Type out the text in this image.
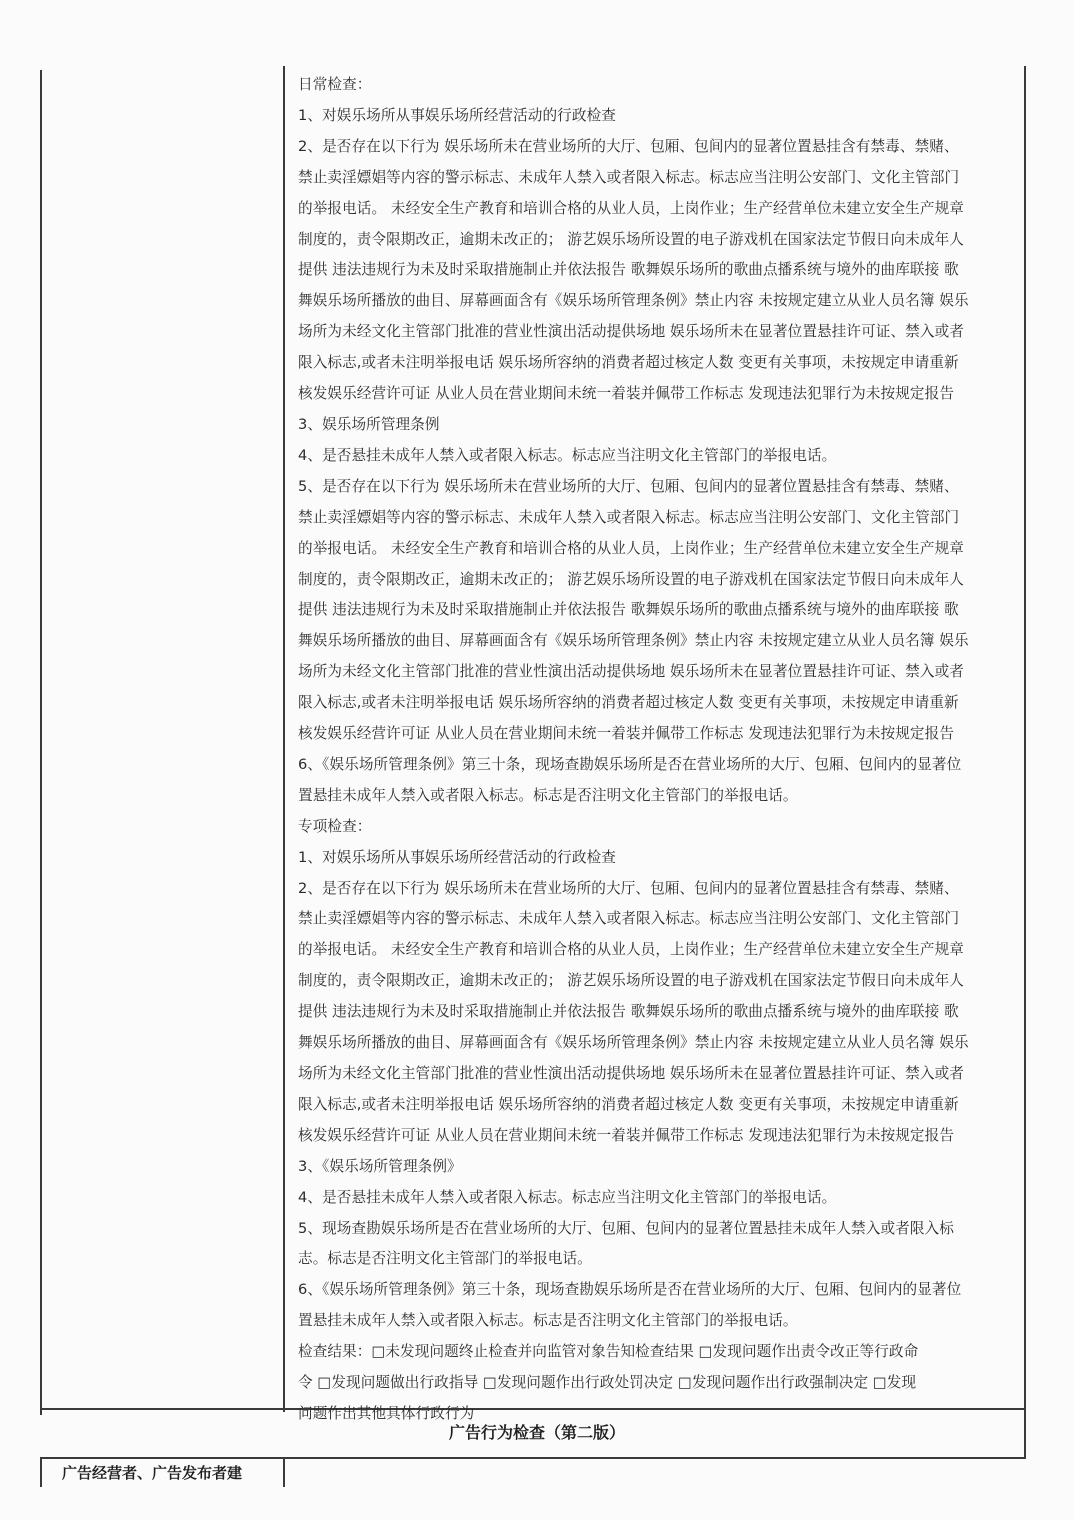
日常检查：

1、对娱乐场所从事娱乐场所经营活动的行政检查

2、是否存在以下行为 娱乐场所未在营业场所的大厅、包厢、包间内的显著位置悬挂含有禁毒、禁赌、

禁止卖淫嫖娼等内容的警示标志、未成年人禁入或者限入标志。标志应当注明公安部门、文化主管部门

的举报电话。 未经安全生产教育和培训合格的从业人员，上岗作业；生产经营单位未建立安全生产规章

制度的，责令限期改正，逾期未改正的； 游艺娱乐场所设置的电子游戏机在国家法定节假日向未成年人

提供 违法违规行为未及时采取措施制止并依法报告 歌舞娱乐场所的歌曲点播系统与境外的曲库联接 歌

舞娱乐场所播放的曲目、屏幕画面含有《娱乐场所管理条例》禁止内容 未按规定建立从业人员名簿 娱乐

场所为未经文化主管部门批准的营业性演出活动提供场地 娱乐场所未在显著位置悬挂许可证、禁入或者

限入标志,或者未注明举报电话 娱乐场所容纳的消费者超过核定人数 变更有关事项，未按规定申请重新

核发娱乐经营许可证 从业人员在营业期间未统一着装并佩带工作标志 发现违法犯罪行为未按规定报告

3、娱乐场所管理条例

4、是否悬挂未成年人禁入或者限入标志。标志应当注明文化主管部门的举报电话。

5、是否存在以下行为 娱乐场所未在营业场所的大厅、包厢、包间内的显著位置悬挂含有禁毒、禁赌、

禁止卖淫嫖娼等内容的警示标志、未成年人禁入或者限入标志。标志应当注明公安部门、文化主管部门

的举报电话。 未经安全生产教育和培训合格的从业人员，上岗作业；生产经营单位未建立安全生产规章

制度的，责令限期改正，逾期未改正的； 游艺娱乐场所设置的电子游戏机在国家法定节假日向未成年人

提供 违法违规行为未及时采取措施制止并依法报告 歌舞娱乐场所的歌曲点播系统与境外的曲库联接 歌

舞娱乐场所播放的曲目、屏幕画面含有《娱乐场所管理条例》禁止内容 未按规定建立从业人员名簿 娱乐

场所为未经文化主管部门批准的营业性演出活动提供场地 娱乐场所未在显著位置悬挂许可证、禁入或者

限入标志,或者未注明举报电话 娱乐场所容纳的消费者超过核定人数 变更有关事项，未按规定申请重新

核发娱乐经营许可证 从业人员在营业期间未统一着装并佩带工作标志 发现违法犯罪行为未按规定报告

6、《娱乐场所管理条例》第三十条，现场查勘娱乐场所是否在营业场所的大厅、包厢、包间内的显著位

置悬挂未成年人禁入或者限入标志。标志是否注明文化主管部门的举报电话。

专项检查：

1、对娱乐场所从事娱乐场所经营活动的行政检查

2、是否存在以下行为 娱乐场所未在营业场所的大厅、包厢、包间内的显著位置悬挂含有禁毒、禁赌、

禁止卖淫嫖娼等内容的警示标志、未成年人禁入或者限入标志。标志应当注明公安部门、文化主管部门

的举报电话。 未经安全生产教育和培训合格的从业人员，上岗作业；生产经营单位未建立安全生产规章

制度的，责令限期改正，逾期未改正的； 游艺娱乐场所设置的电子游戏机在国家法定节假日向未成年人

提供 违法违规行为未及时采取措施制止并依法报告 歌舞娱乐场所的歌曲点播系统与境外的曲库联接 歌

舞娱乐场所播放的曲目、屏幕画面含有《娱乐场所管理条例》禁止内容 未按规定建立从业人员名簿 娱乐

场所为未经文化主管部门批准的营业性演出活动提供场地 娱乐场所未在显著位置悬挂许可证、禁入或者

限入标志,或者未注明举报电话 娱乐场所容纳的消费者超过核定人数 变更有关事项，未按规定申请重新

核发娱乐经营许可证 从业人员在营业期间未统一着装并佩带工作标志 发现违法犯罪行为未按规定报告

3、《娱乐场所管理条例》

4、是否悬挂未成年人禁入或者限入标志。标志应当注明文化主管部门的举报电话。

5、现场查勘娱乐场所是否在营业场所的大厅、包厢、包间内的显著位置悬挂未成年人禁入或者限入标

志。标志是否注明文化主管部门的举报电话。

6、《娱乐场所管理条例》第三十条，现场查勘娱乐场所是否在营业场所的大厅、包厢、包间内的显著位

置悬挂未成年人禁入或者限入标志。标志是否注明文化主管部门的举报电话。

检查结果：□未发现问题终止检查并向监管对象告知检查结果 □发现问题作出责令改正等行政命

令 □发现问题做出行政指导 □发现问题作出行政处罚决定 □发现问题作出行政强制决定 □发现

问题作出其他具体行政行为

广告行为检查（第二版）
广告经营者、广告发布者建
